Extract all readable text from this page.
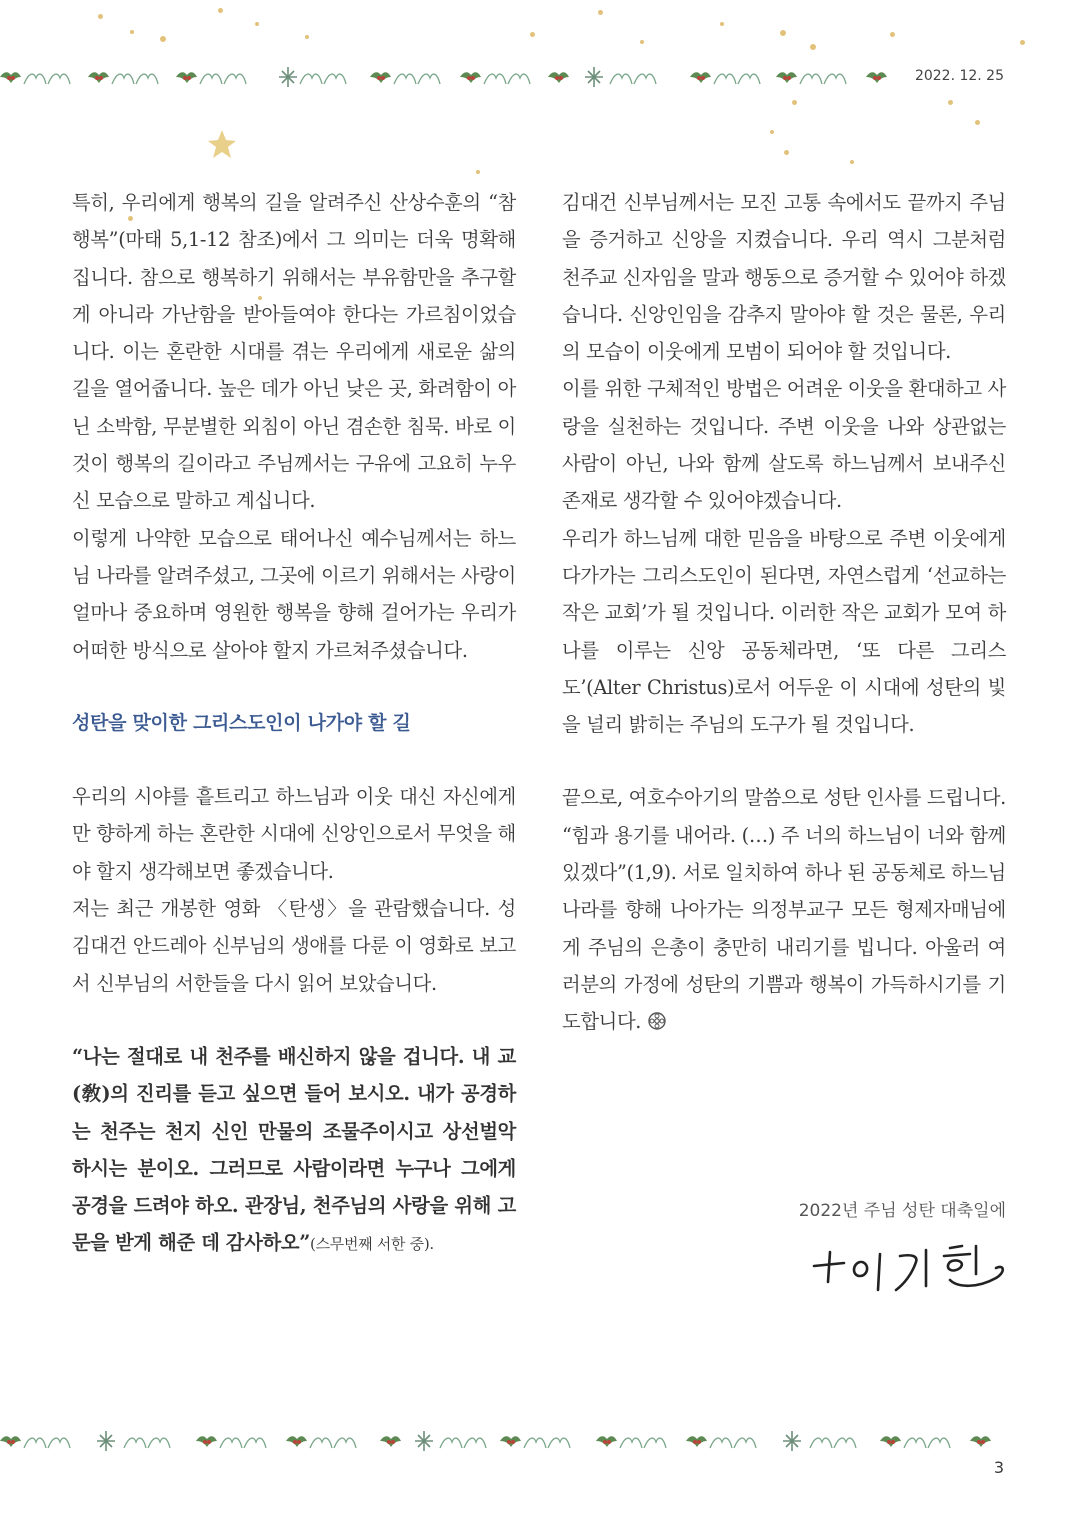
2022. 12. 25

특히, 우리에게 행복의 길을 알려주신 산상수훈의 “참행복”(마태 5,1-12 참조)에서 그 의미는 더욱 명확해집니다. 참으로 행복하기 위해서는 부유함만을 추구할 게 아니라 가난함을 받아들여야 한다는 가르침이었습니다. 이는 혼란한 시대를 겪는 우리에게 새로운 삶의 길을 열어줍니다. 높은 데가 아닌 낮은 곳, 화려함이 아닌 소박함, 무분별한 외침이 아닌 겸손한 침묵. 바로 이것이 행복의 길이라고 주님께서는 구유에 고요히 누우신 모습으로 말하고 계십니다.

이렇게 나약한 모습으로 태어나신 예수님께서는 하느님 나라를 알려주셨고, 그곳에 이르기 위해서는 사랑이 얼마나 중요하며 영원한 행복을 향해 걸어가는 우리가 어떠한 방식으로 살아야 할지 가르쳐주셨습니다.

성탄을 맞이한 그리스도인이 나가야 할 길

우리의 시야를 흩트리고 하느님과 이웃 대신 자신에게만 향하게 하는 혼란한 시대에 신앙인으로서 무엇을 해야 할지 생각해보면 좋겠습니다.

저는 최근 개봉한 영화 〈탄생〉을 관람했습니다. 성 김대건 안드레아 신부님의 생애를 다룬 이 영화로 보고서 신부님의 서한들을 다시 읽어 보았습니다.

“나는 절대로 내 천주를 배신하지 않을 겁니다. 내 교(敎)의 진리를 듣고 싶으면 들어 보시오. 내가 공경하는 천주는 천지 신인 만물의 조물주이시고 상선벌악 하시는 분이오. 그러므로 사람이라면 누구나 그에게 공경을 드려야 하오. 관장님, 천주님의 사랑을 위해 고문을 받게 해준 데 감사하오”(스무번째 서한 중).

김대건 신부님께서는 모진 고통 속에서도 끝까지 주님을 증거하고 신앙을 지켰습니다. 우리 역시 그분처럼 천주교 신자임을 말과 행동으로 증거할 수 있어야 하겠습니다. 신앙인임을 감추지 말아야 할 것은 물론, 우리의 모습이 이웃에게 모범이 되어야 할 것입니다.

이를 위한 구체적인 방법은 어려운 이웃을 환대하고 사랑을 실천하는 것입니다. 주변 이웃을 나와 상관없는 사람이 아닌, 나와 함께 살도록 하느님께서 보내주신 존재로 생각할 수 있어야겠습니다.

우리가 하느님께 대한 믿음을 바탕으로 주변 이웃에게 다가가는 그리스도인이 된다면, 자연스럽게 ‘선교하는 작은 교회’가 될 것입니다. 이러한 작은 교회가 모여 하나를 이루는 신앙 공동체라면, ‘또 다른 그리스도’(Alter Christus)로서 어두운 이 시대에 성탄의 빛을 널리 밝히는 주님의 도구가 될 것입니다.

끝으로, 여호수아기의 말씀으로 성탄 인사를 드립니다. “힘과 용기를 내어라. (…) 주 너의 하느님이 너와 함께 있겠다”(1,9). 서로 일치하여 하나 된 공동체로 하느님 나라를 향해 나아가는 의정부교구 모든 형제자매님에게 주님의 은총이 충만히 내리기를 빕니다. 아울러 여러분의 가정에 성탄의 기쁨과 행복이 가득하시기를 기도합니다.

2022년 주님 성탄 대축일에
3
